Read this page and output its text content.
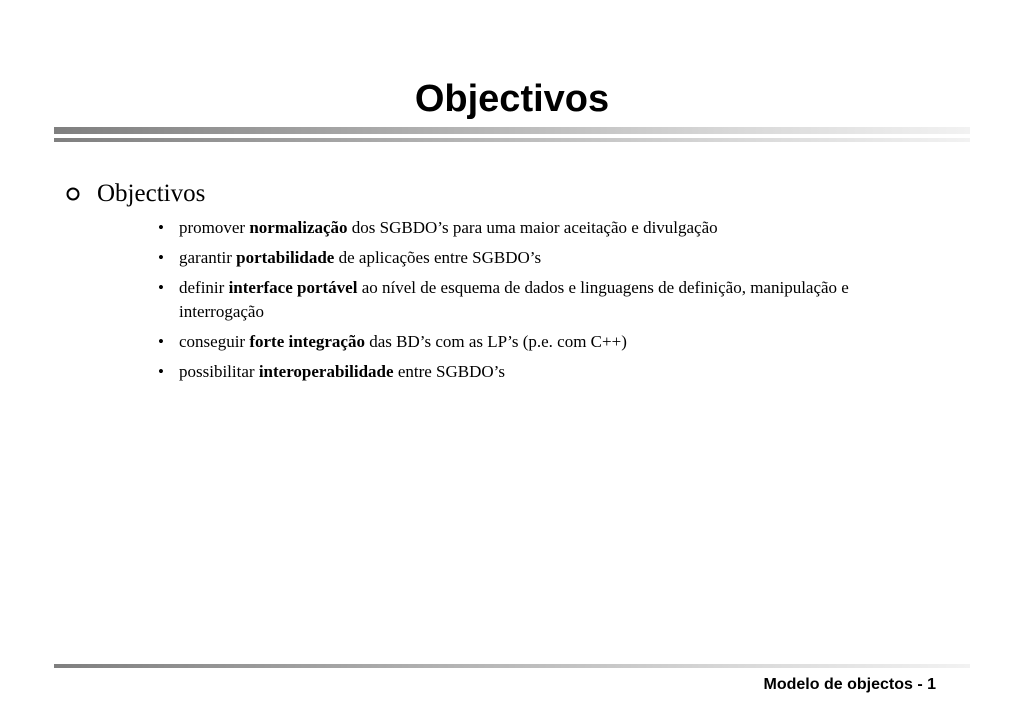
Objectivos
Objectivos
• promover normalização dos SGBDO’s para uma maior aceitação e divulgação
• garantir portabilidade de aplicações entre SGBDO’s
• definir interface portável ao nível de esquema de dados e linguagens de definição, manipulação e interrogação
• conseguir forte integração das BD’s com as LP’s (p.e. com C++)
• possibilitar interoperabilidade entre SGBDO’s
Modelo de objectos - 1
